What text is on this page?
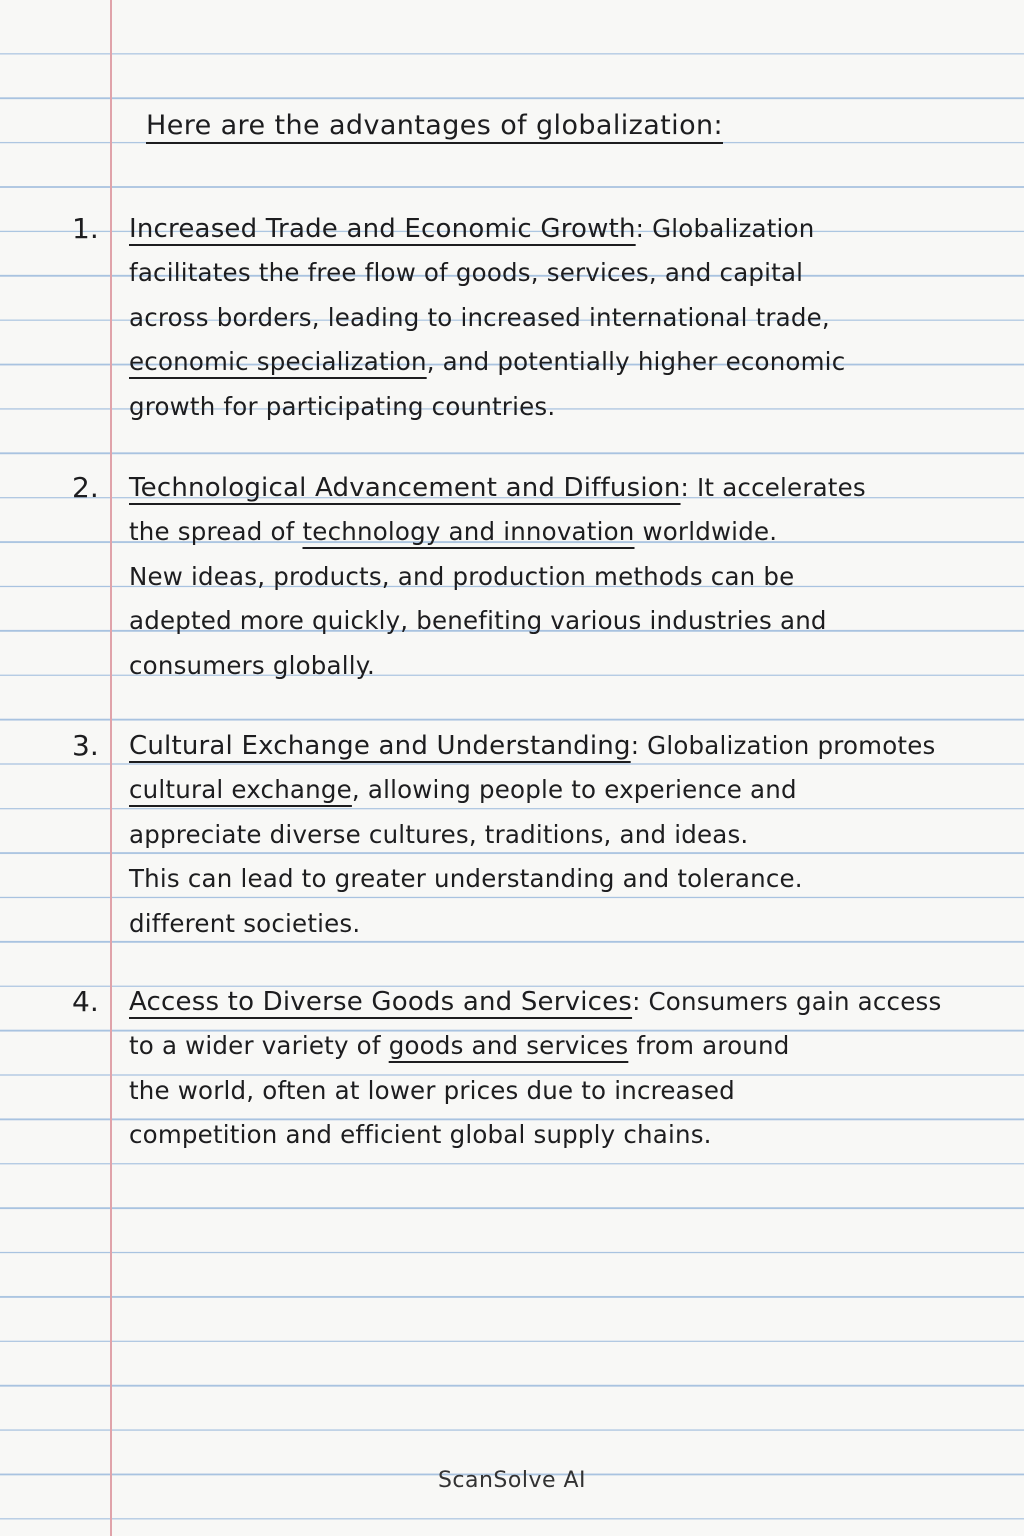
Here are the advantages of globalization:
1. Increased Trade and Economic Growth: Globalization
facilitates the free flow of goods, services, and capital
across borders, leading to increased international trade,
economic specialization, and potentially higher economic
growth for participating countries.
2. Technological Advancement and Diffusion: It accelerates
the spread of technology and innovation worldwide.
New ideas, products, and production methods can be
adepted more quickly, benefiting various industries and
consumers globally.
3. Cultural Exchange and Understanding: Globalization promotes
cultural exchange, allowing people to experience and
appreciate diverse cultures, traditions, and ideas.
This can lead to greater understanding and tolerance.
different societies.
4. Access to Diverse Goods and Services: Consumers gain access
to a wider variety of goods and services from around
the world, often at lower prices due to increased
competition and efficient global supply chains.
ScanSolve AI
